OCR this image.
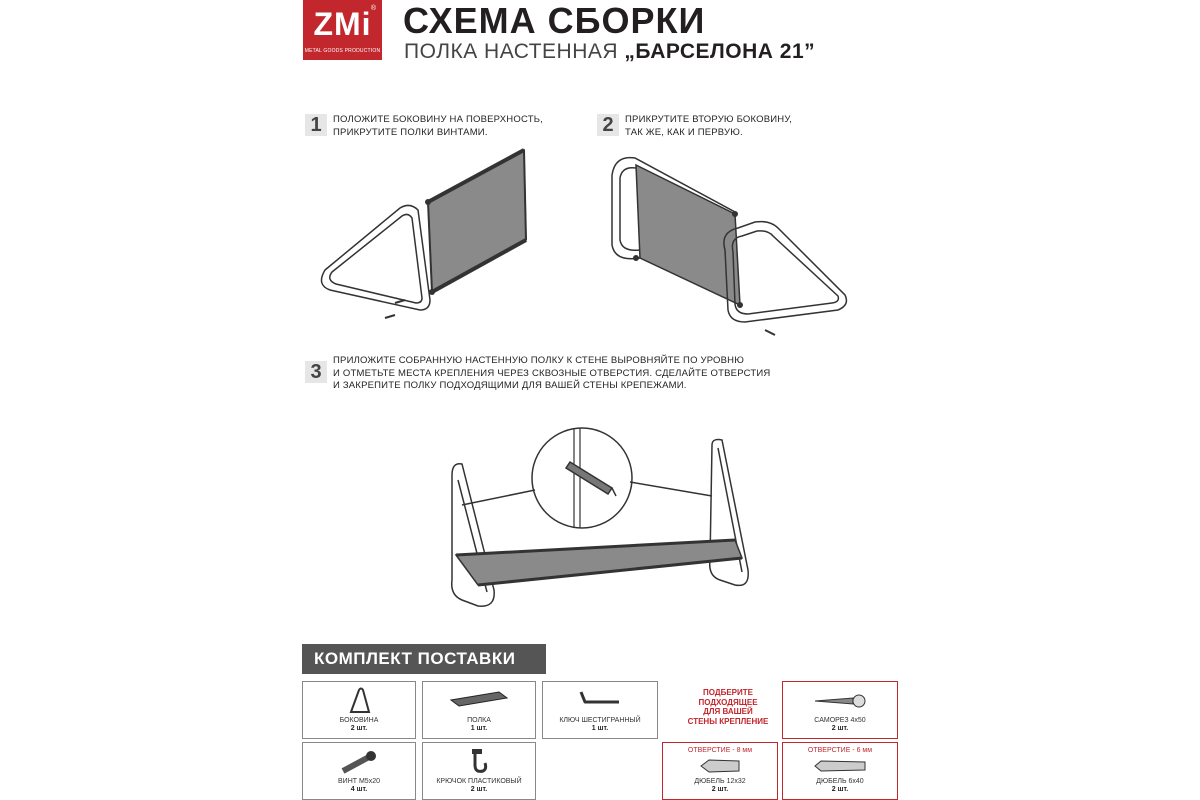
ZMi ®
METAL GOODS PRODUCTION
СХЕМА СБОРКИ
ПОЛКА НАСТЕННАЯ „БАРСЕЛОНА 21”
1	ПОЛОЖИТЕ БОКОВИНУ НА ПОВЕРХНОСТЬ,
ПРИКРУТИТЕ ПОЛКИ ВИНТАМИ.	2	ПРИКРУТИТЕ ВТОРУЮ БОКОВИНУ,
ТАК ЖЕ, КАК И ПЕРВУЮ.
3
ПРИЛОЖИТЕ СОБРАННУЮ НАСТЕННУЮ ПОЛКУ К СТЕНЕ ВЫРОВНЯЙТЕ ПО УРОВНЮ
И ОТМЕТЬТЕ МЕСТА КРЕПЛЕНИЯ ЧЕРЕЗ СКВОЗНЫЕ ОТВЕРСТИЯ. СДЕЛАЙТЕ ОТВЕРСТИЯ
И ЗАКРЕПИТЕ ПОЛКУ ПОДХОДЯЩИМИ ДЛЯ ВАШЕЙ СТЕНЫ КРЕПЕЖАМИ.
КОМПЛЕКТ ПОСТАВКИ
БОКОВИНА
2 шт.
ПОЛКА
1 шт.
КЛЮЧ ШЕСТИГРАННЫЙ
1 шт.
ПОДБЕРИТЕ
ПОДХОДЯЩЕЕ
ДЛЯ ВАШЕЙ
СТЕНЫ КРЕПЛЕНИЕ	САМОРЕЗ 4x50
2 шт.
ВИНТ М5x20
4 шт.
КРЮЧОК ПЛАСТИКОВЫЙ
2 шт.
ОТВЕРСТИЕ - 8 мм
ДЮБЕЛЬ 12x32
2 шт.
ОТВЕРСТИЕ - 6 мм
ДЮБЕЛЬ 6x40
2 шт.
